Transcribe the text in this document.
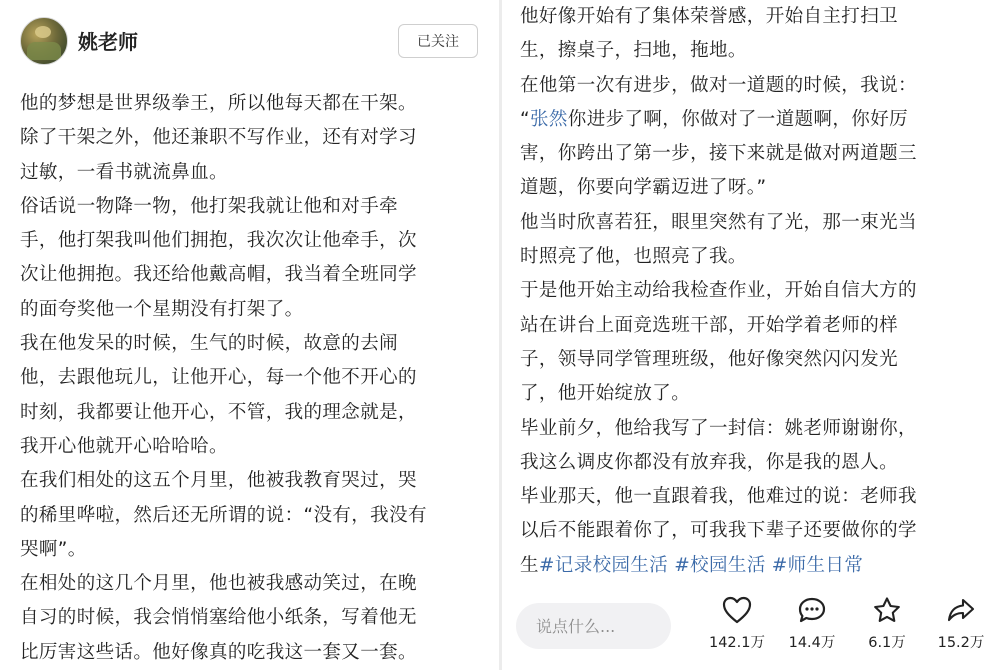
姚老师	已关注
他的梦想是世界级拳王，所以他每天都在干架。
除了干架之外，他还兼职不写作业，还有对学习
过敏，一看书就流鼻血。
俗话说一物降一物，他打架我就让他和对手牵
手，他打架我叫他们拥抱，我次次让他牵手，次
次让他拥抱。我还给他戴高帽，我当着全班同学
的面夸奖他一个星期没有打架了。
我在他发呆的时候，生气的时候，故意的去闹
他，去跟他玩儿，让他开心，每一个他不开心的
时刻，我都要让他开心，不管，我的理念就是，
我开心他就开心哈哈哈。
在我们相处的这五个月里，他被我教育哭过，哭
的稀里哗啦，然后还无所谓的说：“没有，我没有
哭啊”。
在相处的这几个月里，他也被我感动笑过，在晚
自习的时候，我会悄悄塞给他小纸条，写着他无
比厉害这些话。他好像真的吃我这一套又一套。
他好像开始有了集体荣誉感，开始自主打扫卫
生，擦桌子，扫地，拖地。
在他第一次有进步，做对一道题的时候，我说：
“张然你进步了啊，你做对了一道题啊，你好厉
害，你跨出了第一步，接下来就是做对两道题三
道题，你要向学霸迈进了呀。”
他当时欣喜若狂，眼里突然有了光，那一束光当
时照亮了他，也照亮了我。
于是他开始主动给我检查作业，开始自信大方的
站在讲台上面竞选班干部，开始学着老师的样
子，领导同学管理班级，他好像突然闪闪发光
了，他开始绽放了。
毕业前夕，他给我写了一封信：姚老师谢谢你，
我这么调皮你都没有放弃我，你是我的恩人。
毕业那天，他一直跟着我，他难过的说：老师我
以后不能跟着你了，可我我下辈子还要做你的学
生#记录校园生活 #校园生活 #师生日常
说点什么...
142.1万	14.4万	6.1万	15.2万
